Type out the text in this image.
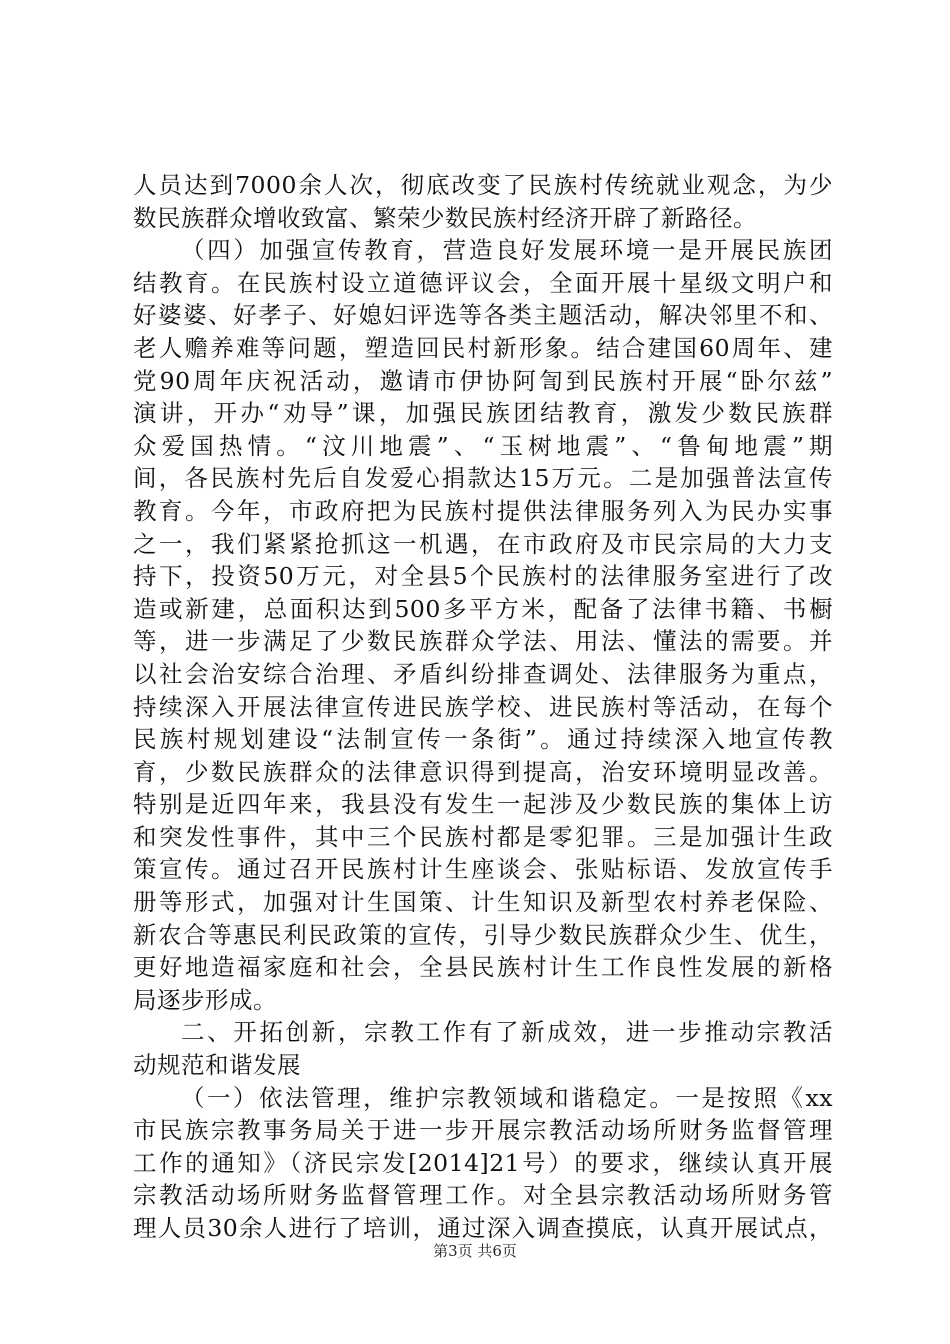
人员达到7000余人次，彻底改变了民族村传统就业观念，为少
数民族群众增收致富、繁荣少数民族村经济开辟了新路径。
（四）加强宣传教育，营造良好发展环境一是开展民族团
结教育。在民族村设立道德评议会，全面开展十星级文明户和
好婆婆、好孝子、好媳妇评选等各类主题活动，解决邻里不和、
老人赡养难等问题，塑造回民村新形象。结合建国60周年、建
党90周年庆祝活动，邀请市伊协阿訇到民族村开展“卧尔兹”
演讲，开办“劝导”课，加强民族团结教育，激发少数民族群
众爱国热情。“汶川地震”、“玉树地震”、“鲁甸地震”期
间，各民族村先后自发爱心捐款达15万元。二是加强普法宣传
教育。今年，市政府把为民族村提供法律服务列入为民办实事
之一，我们紧紧抢抓这一机遇，在市政府及市民宗局的大力支
持下，投资50万元，对全县5个民族村的法律服务室进行了改
造或新建，总面积达到500多平方米，配备了法律书籍、书橱
等，进一步满足了少数民族群众学法、用法、懂法的需要。并
以社会治安综合治理、矛盾纠纷排查调处、法律服务为重点，
持续深入开展法律宣传进民族学校、进民族村等活动，在每个
民族村规划建设“法制宣传一条街”。通过持续深入地宣传教
育，少数民族群众的法律意识得到提高，治安环境明显改善。
特别是近四年来，我县没有发生一起涉及少数民族的集体上访
和突发性事件，其中三个民族村都是零犯罪。三是加强计生政
策宣传。通过召开民族村计生座谈会、张贴标语、发放宣传手
册等形式，加强对计生国策、计生知识及新型农村养老保险、
新农合等惠民利民政策的宣传，引导少数民族群众少生、优生，
更好地造福家庭和社会，全县民族村计生工作良性发展的新格
局逐步形成。
二、开拓创新，宗教工作有了新成效，进一步推动宗教活
动规范和谐发展
（一）依法管理，维护宗教领域和谐稳定。一是按照《xx
市民族宗教事务局关于进一步开展宗教活动场所财务监督管理
工作的通知》（济民宗发[2014]21号）的要求，继续认真开展
宗教活动场所财务监督管理工作。对全县宗教活动场所财务管
理人员30余人进行了培训，通过深入调查摸底，认真开展试点，
第3页 共6页
